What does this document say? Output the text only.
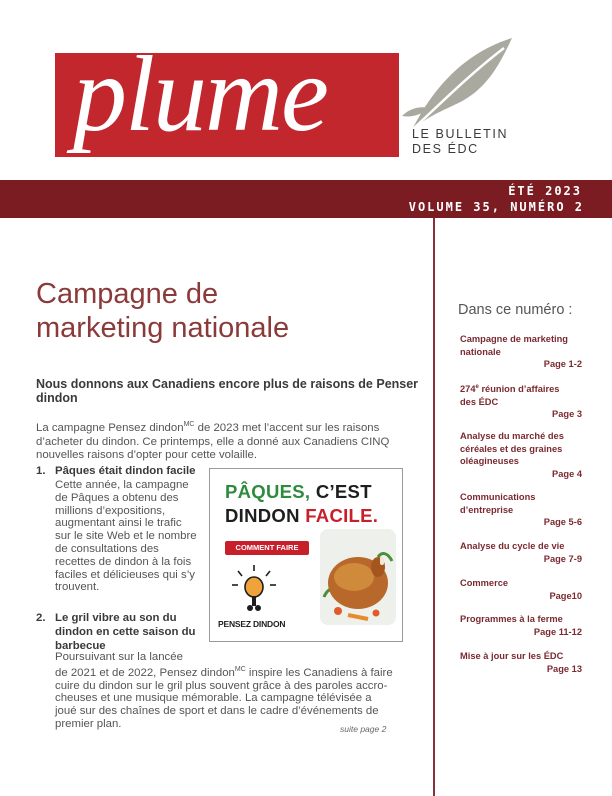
plume	LE BULLETIN
DES ÉDC
ÉTÉ 2023
VOLUME 35, NUMÉRO 2
Campagne de
marketing nationale
Nous donnons aux Canadiens encore plus de raisons de Penser dindon
La campagne Pensez dindon$^{MC}$ de 2023 met l’accent sur les raisons d’acheter du dindon. Ce printemps, elle a donné aux Canadiens CINQ nouvelles raisons d’opter pour cette volaille.
1. Pâques était dindon facile
Cette année, la campagne
de Pâques a obtenu des
millions d’expositions,
augmentant ainsi le trafic
sur le site Web et le nombre
de consultations des
recettes de dindon à la fois
faciles et délicieuses qui s’y
trouvent.
PÂQUES, C’EST
DINDON FACILE.
COMMENT FAIRE
PENSEZ DINDON
2. Le gril vibre au son du
dindon en cette saison du
barbecue
Poursuivant sur la lancée
de 2021 et de 2022, Pensez dindon$^{MC}$ inspire les Canadiens à faire
cuire du dindon sur le gril plus souvent grâce à des paroles accro-
cheuses et une musique mémorable. La campagne télévisée a
joué sur des chaînes de sport et dans le cadre d’événements de
premier plan.	suite page 2
Dans ce numéro :
Campagne de marketing
nationale
Page 1-2
274e réunion d’affaires
des ÉDC
Page 3
Analyse du marché des
céréales et des graines
oléagineuses
Page 4
Communications
d’entreprise
Page 5-6
Analyse du cycle de vie
Page 7-9
Commerce
Page10
Programmes à la ferme
Page 11-12
Mise à jour sur les ÉDC
Page 13
